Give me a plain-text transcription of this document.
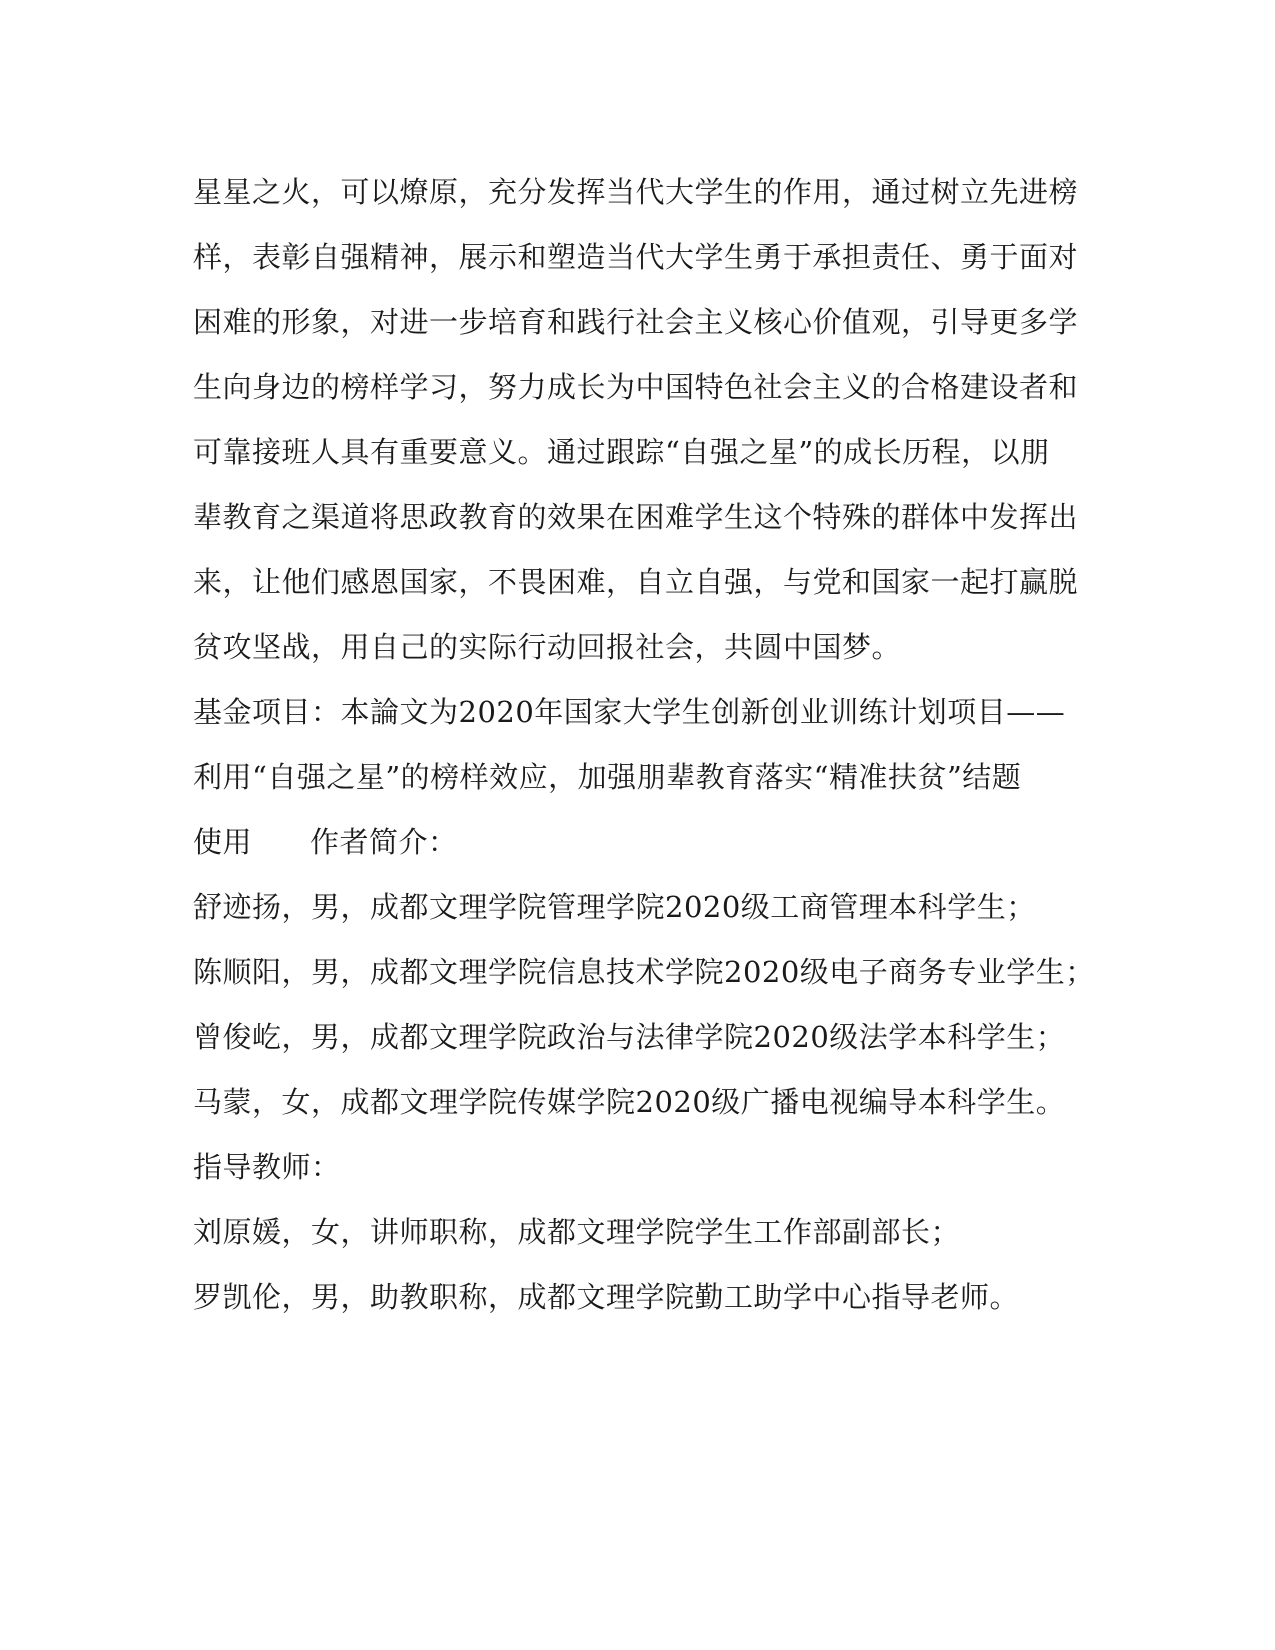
星星之火，可以燎原，充分发挥当代大学生的作用，通过树立先进榜
样，表彰自强精神，展示和塑造当代大学生勇于承担责任、勇于面对
困难的形象，对进一步培育和践行社会主义核心价值观，引导更多学
生向身边的榜样学习，努力成长为中国特色社会主义的合格建设者和
可靠接班人具有重要意义。通过跟踪“自强之星”的成长历程，以朋
辈教育之渠道将思政教育的效果在困难学生这个特殊的群体中发挥出
来，让他们感恩国家，不畏困难，自立自强，与党和国家一起打赢脱
贫攻坚战，用自己的实际行动回报社会，共圆中国梦。
基金项目：本論文为2020年国家大学生创新创业训练计划项目——
利用“自强之星”的榜样效应，加强朋辈教育落实“精准扶贫”结题
使用 作者简介：
舒迹扬，男，成都文理学院管理学院2020级工商管理本科学生；
陈顺阳，男，成都文理学院信息技术学院2020级电子商务专业学生；
曾俊屹，男，成都文理学院政治与法律学院2020级法学本科学生；
马蒙，女，成都文理学院传媒学院2020级广播电视编导本科学生。
指导教师：
刘原媛，女，讲师职称，成都文理学院学生工作部副部长；
罗凯伦，男，助教职称，成都文理学院勤工助学中心指导老师。
